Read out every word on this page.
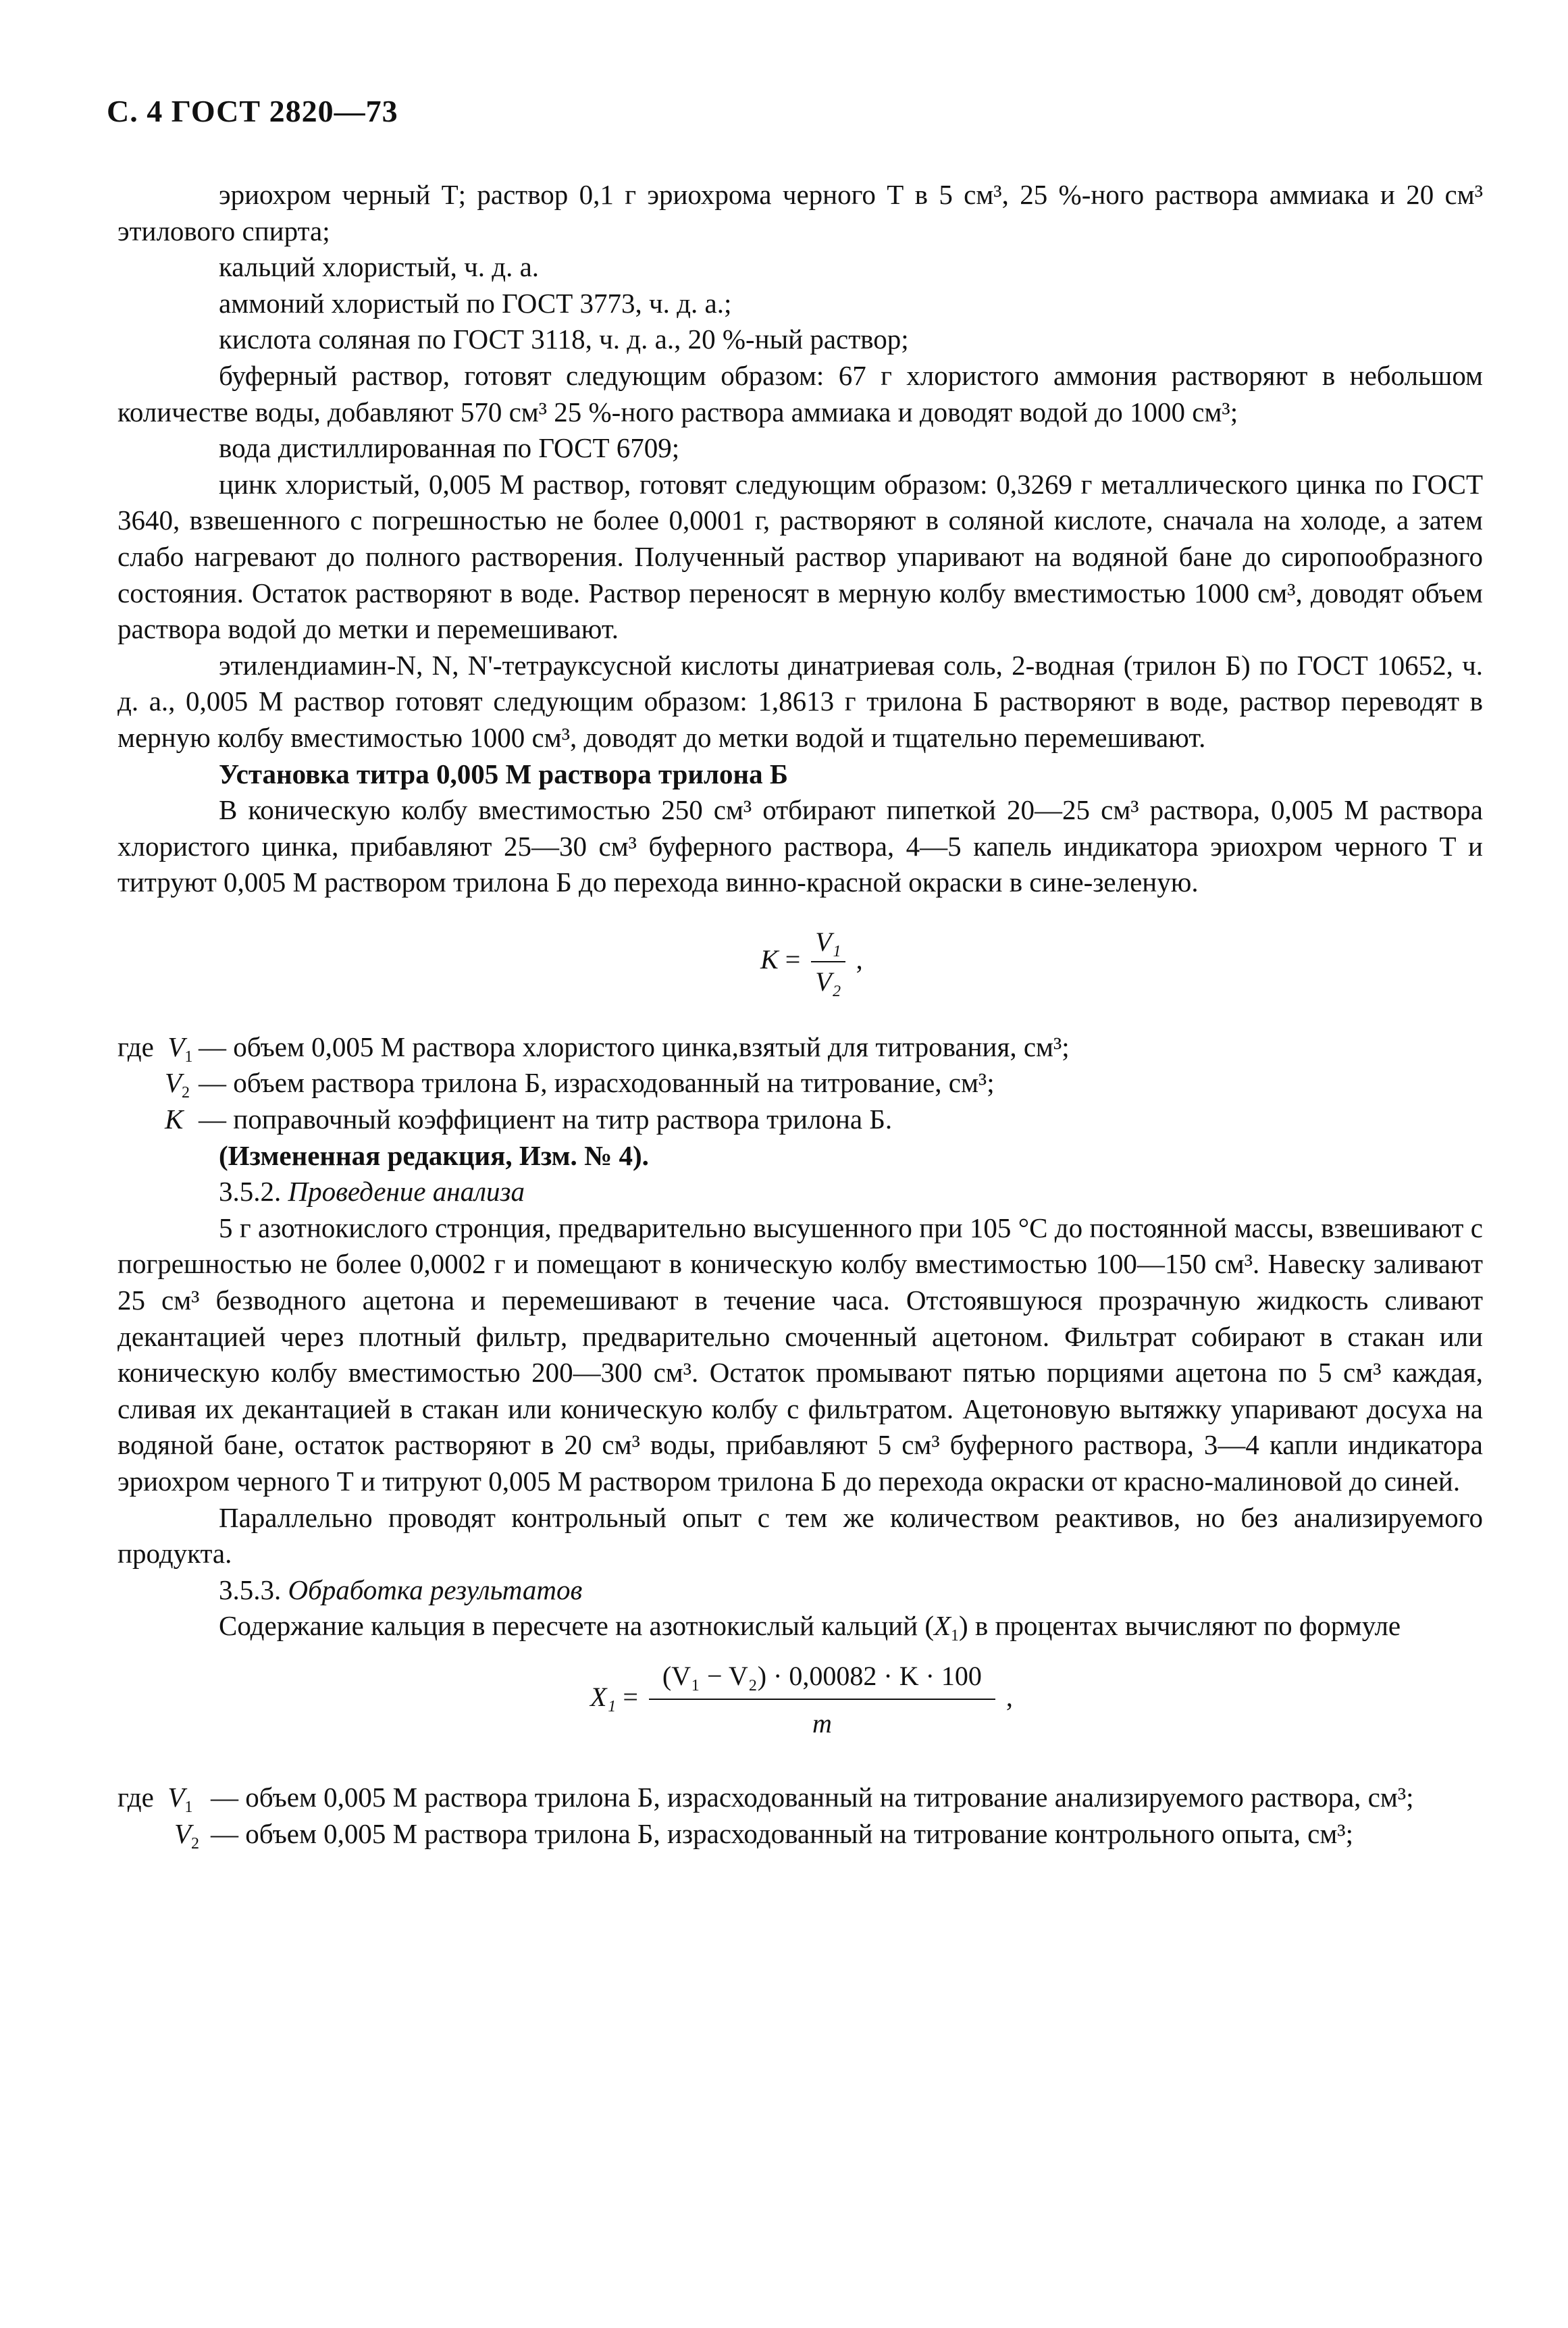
С. 4 ГОСТ 2820—73

эриохром черный Т; раствор 0,1 г эриохрома черного Т в 5 см³, 25 %-ного раствора аммиака и 20 см³ этилового спирта;

кальций хлористый, ч. д. а.

аммоний хлористый по ГОСТ 3773, ч. д. а.;

кислота соляная по ГОСТ 3118, ч. д. а., 20 %-ный раствор;

буферный раствор, готовят следующим образом: 67 г хлористого аммония растворяют в небольшом количестве воды, добавляют 570 см³ 25 %-ного раствора аммиака и доводят водой до 1000 см³;

вода дистиллированная по ГОСТ 6709;

цинк хлористый, 0,005 М раствор, готовят следующим образом: 0,3269 г металлического цинка по ГОСТ 3640, взвешенного с погрешностью не более 0,0001 г, растворяют в соляной кислоте, сначала на холоде, а затем слабо нагревают до полного растворения. Полученный раствор упаривают на водяной бане до сиропообразного состояния. Остаток растворяют в воде. Раствор переносят в мерную колбу вместимостью 1000 см³, доводят объем раствора водой до метки и перемешивают.

этилендиамин-N, N, N'-тетрауксусной кислоты динатриевая соль, 2-водная (трилон Б) по ГОСТ 10652, ч. д. а., 0,005 М раствор готовят следующим образом: 1,8613 г трилона Б растворяют в воде, раствор переводят в мерную колбу вместимостью 1000 см³, доводят до метки водой и тщательно перемешивают.

Установка титра 0,005 М раствора трилона Б

В коническую колбу вместимостью 250 см³ отбирают пипеткой 20—25 см³ раствора, 0,005 М раствора хлористого цинка, прибавляют 25—30 см³ буферного раствора, 4—5 капель индикатора эриохром черного Т и титруют 0,005 М раствором трилона Б до перехода винно-красной окраски в сине-зеленую.

$K = \frac{\text{V₁}}{\text{V₂}}$ ,
где $V_1$ — объем 0,005 М раствора хлористого цинка,взятый для титрования, см³;
$V_2$ — объем раствора трилона Б, израсходованный на титрование, см³;
K — поправочный коэффициент на титр раствора трилона Б.

(Измененная редакция, Изм. № 4).

3.5.2. Проведение анализа

5 г азотнокислого стронция, предварительно высушенного при 105 °С до постоянной массы, взвешивают с погрешностью не более 0,0002 г и помещают в коническую колбу вместимостью 100—150 см³. Навеску заливают 25 см³ безводного ацетона и перемешивают в течение часа. Отстоявшуюся прозрачную жидкость сливают декантацией через плотный фильтр, предварительно смоченный ацетоном. Фильтрат собирают в стакан или коническую колбу вместимостью 200—300 см³. Остаток промывают пятью порциями ацетона по 5 см³ каждая, сливая их декантацией в стакан или коническую колбу с фильтратом. Ацетоновую вытяжку упаривают досуха на водяной бане, остаток растворяют в 20 см³ воды, прибавляют 5 см³ буферного раствора, 3—4 капли индикатора эриохром черного Т и титруют 0,005 М раствором трилона Б до перехода окраски от красно-малиновой до синей.

Параллельно проводят контрольный опыт с тем же количеством реактивов, но без анализируемого продукта.

3.5.3. Обработка результатов

Содержание кальция в пересчете на азотнокислый кальций $(X_1)$ в процентах вычисляют по формуле

$X_1 = \frac{\text{(V₁ − V₂) · 0,00082 · K · 100}}{m}$ ,
где $V_1$ — объем 0,005 М раствора трилона Б, израсходованный на титрование анализируемого раствора, см³;
$V_2$ — объем 0,005 М раствора трилона Б, израсходованный на титрование контрольного опыта, см³;
